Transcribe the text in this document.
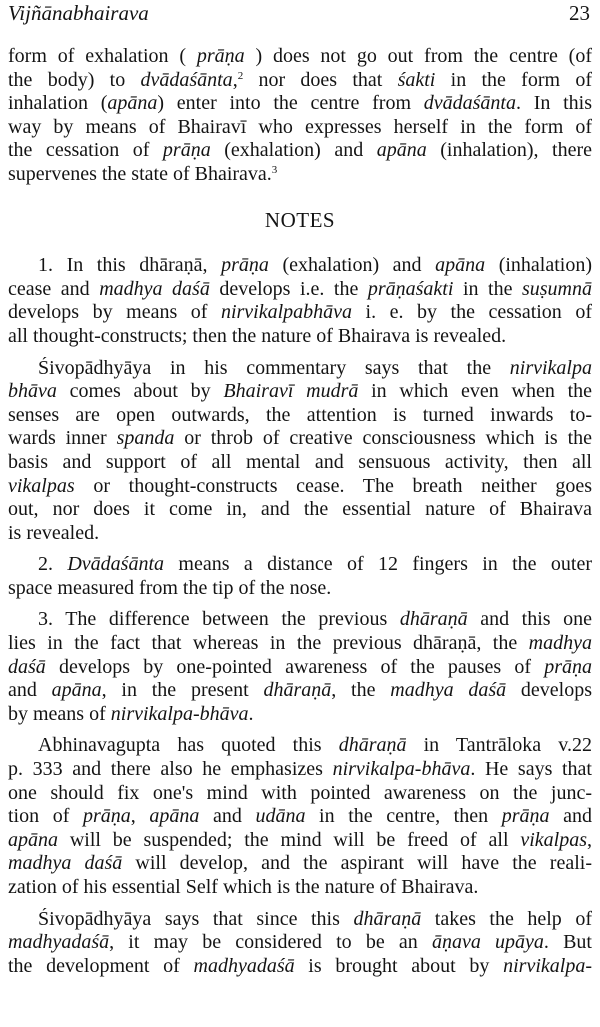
Vijñānabhairava	23
form of exhalation ( prāṇa ) does not go out from the centre (of
the body) to dvādaśānta,$^2$ nor does that śakti in the form of
inhalation (apāna) enter into the centre from dvādaśānta. In this
way by means of Bhairavī who expresses herself in the form of
the cessation of prāṇa (exhalation) and apāna (inhalation), there
supervenes the state of Bhairava.$^3$
NOTES
1. In this dhāraṇā, prāṇa (exhalation) and apāna (inhalation)
cease and madhya daśā develops i.e. the prāṇaśakti in the suṣumnā
develops by means of nirvikalpabhāva i. e. by the cessation of
all thought-constructs; then the nature of Bhairava is revealed.
Śivopādhyāya in his commentary says that the nirvikalpa
bhāva comes about by Bhairavī mudrā in which even when the
senses are open outwards, the attention is turned inwards to-
wards inner spanda or throb of creative consciousness which is the
basis and support of all mental and sensuous activity, then all
vikalpas or thought-constructs cease. The breath neither goes
out, nor does it come in, and the essential nature of Bhairava
is revealed.
2. Dvādaśānta means a distance of 12 fingers in the outer
space measured from the tip of the nose.
3. The difference between the previous dhāraṇā and this one
lies in the fact that whereas in the previous dhāraṇā, the madhya
daśā develops by one-pointed awareness of the pauses of prāṇa
and apāna, in the present dhāraṇā, the madhya daśā develops
by means of nirvikalpa-bhāva.
Abhinavagupta has quoted this dhāraṇā in Tantrāloka v.22
p. 333 and there also he emphasizes nirvikalpa-bhāva. He says that
one should fix one's mind with pointed awareness on the junc-
tion of prāṇa, apāna and udāna in the centre, then prāṇa and
apāna will be suspended; the mind will be freed of all vikalpas,
madhya daśā will develop, and the aspirant will have the reali-
zation of his essential Self which is the nature of Bhairava.
Śivopādhyāya says that since this dhāraṇā takes the help of
madhyadaśā, it may be considered to be an āṇava upāya. But
the development of madhyadaśā is brought about by nirvikalpa-
